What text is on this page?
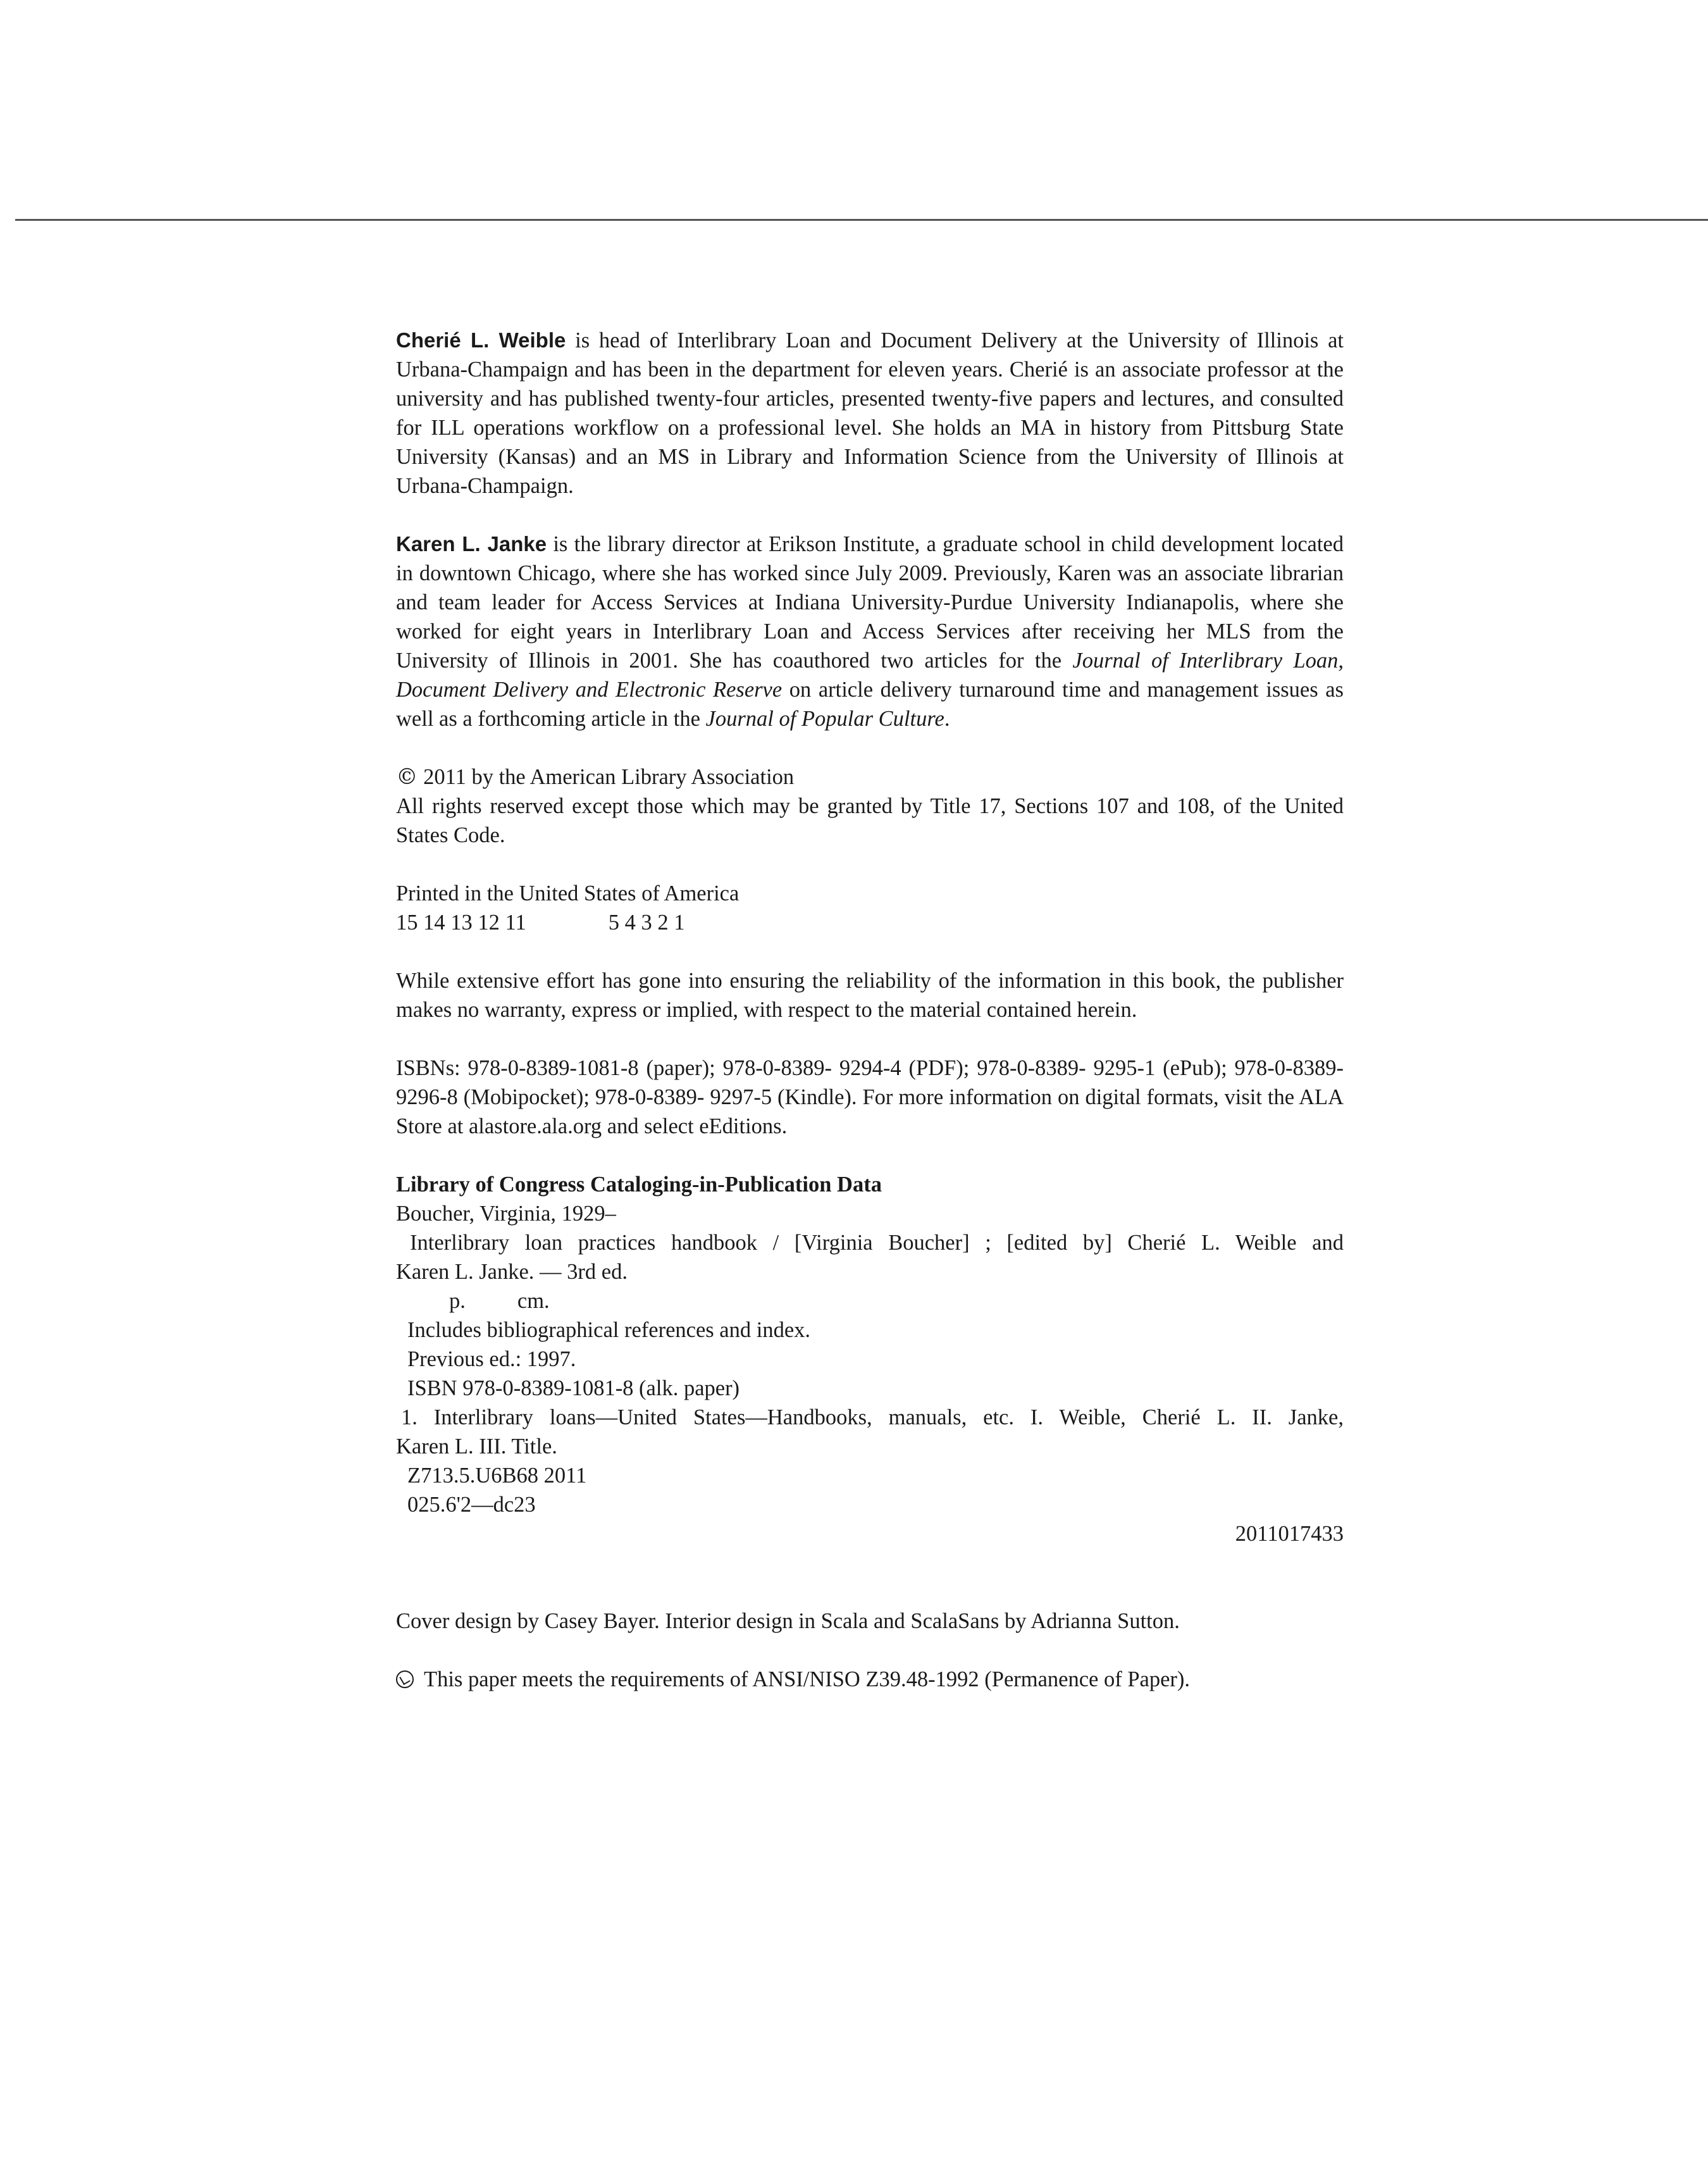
Cherié L. Weible is head of Interlibrary Loan and Document Delivery at the University of Illinois at Urbana-Champaign and has been in the department for eleven years. Cherié is an associate professor at the university and has published twenty-four articles, presented twenty-five papers and lectures, and consulted for ILL operations workflow on a professional level. She holds an MA in history from Pittsburg State University (Kansas) and an MS in Library and Information Science from the University of Illinois at Urbana-Champaign.

Karen L. Janke is the library director at Erikson Institute, a graduate school in child development located in downtown Chicago, where she has worked since July 2009. Previously, Karen was an associate librarian and team leader for Access Services at Indiana University-Purdue University Indianapolis, where she worked for eight years in Interlibrary Loan and Access Services after receiving her MLS from the University of Illinois in 2001. She has coauthored two articles for the Journal of Interlibrary Loan, Document Delivery and Electronic Reserve on article delivery turnaround time and management issues as well as a forthcoming article in the Journal of Popular Culture.

© 2011 by the American Library Association
All rights reserved except those which may be granted by Title 17, Sections 107 and 108, of the United States Code.
Printed in the United States of America
15 14 13 12 11	5 4 3 2 1

While extensive effort has gone into ensuring the reliability of the information in this book, the publisher makes no warranty, express or implied, with respect to the material contained herein.

ISBNs: 978-0-8389-1081-8 (paper); 978-0-8389- 9294-4 (PDF); 978-0-8389- 9295-1 (ePub); 978-0-8389- 9296-8 (Mobipocket); 978-0-8389- 9297-5 (Kindle). For more information on digital formats, visit the ALA Store at alastore.ala.org and select eEditions.

Library of Congress Cataloging-in-Publication Data
Boucher, Virginia, 1929–
Interlibrary loan practices handbook / [Virginia Boucher] ; [edited by] Cherié L. Weible and
Karen L. Janke. — 3rd ed.
p. cm.
Includes bibliographical references and index.
Previous ed.: 1997.
ISBN 978-0-8389-1081-8 (alk. paper)
1. Interlibrary loans—United States—Handbooks, manuals, etc. I. Weible, Cherié L. II. Janke,
Karen L. III. Title.
Z713.5.U6B68 2011
025.6'2—dc23
2011017433

Cover design by Casey Bayer. Interior design in Scala and ScalaSans by Adrianna Sutton.

This paper meets the requirements of ANSI/NISO Z39.48-1992 (Permanence of Paper).
